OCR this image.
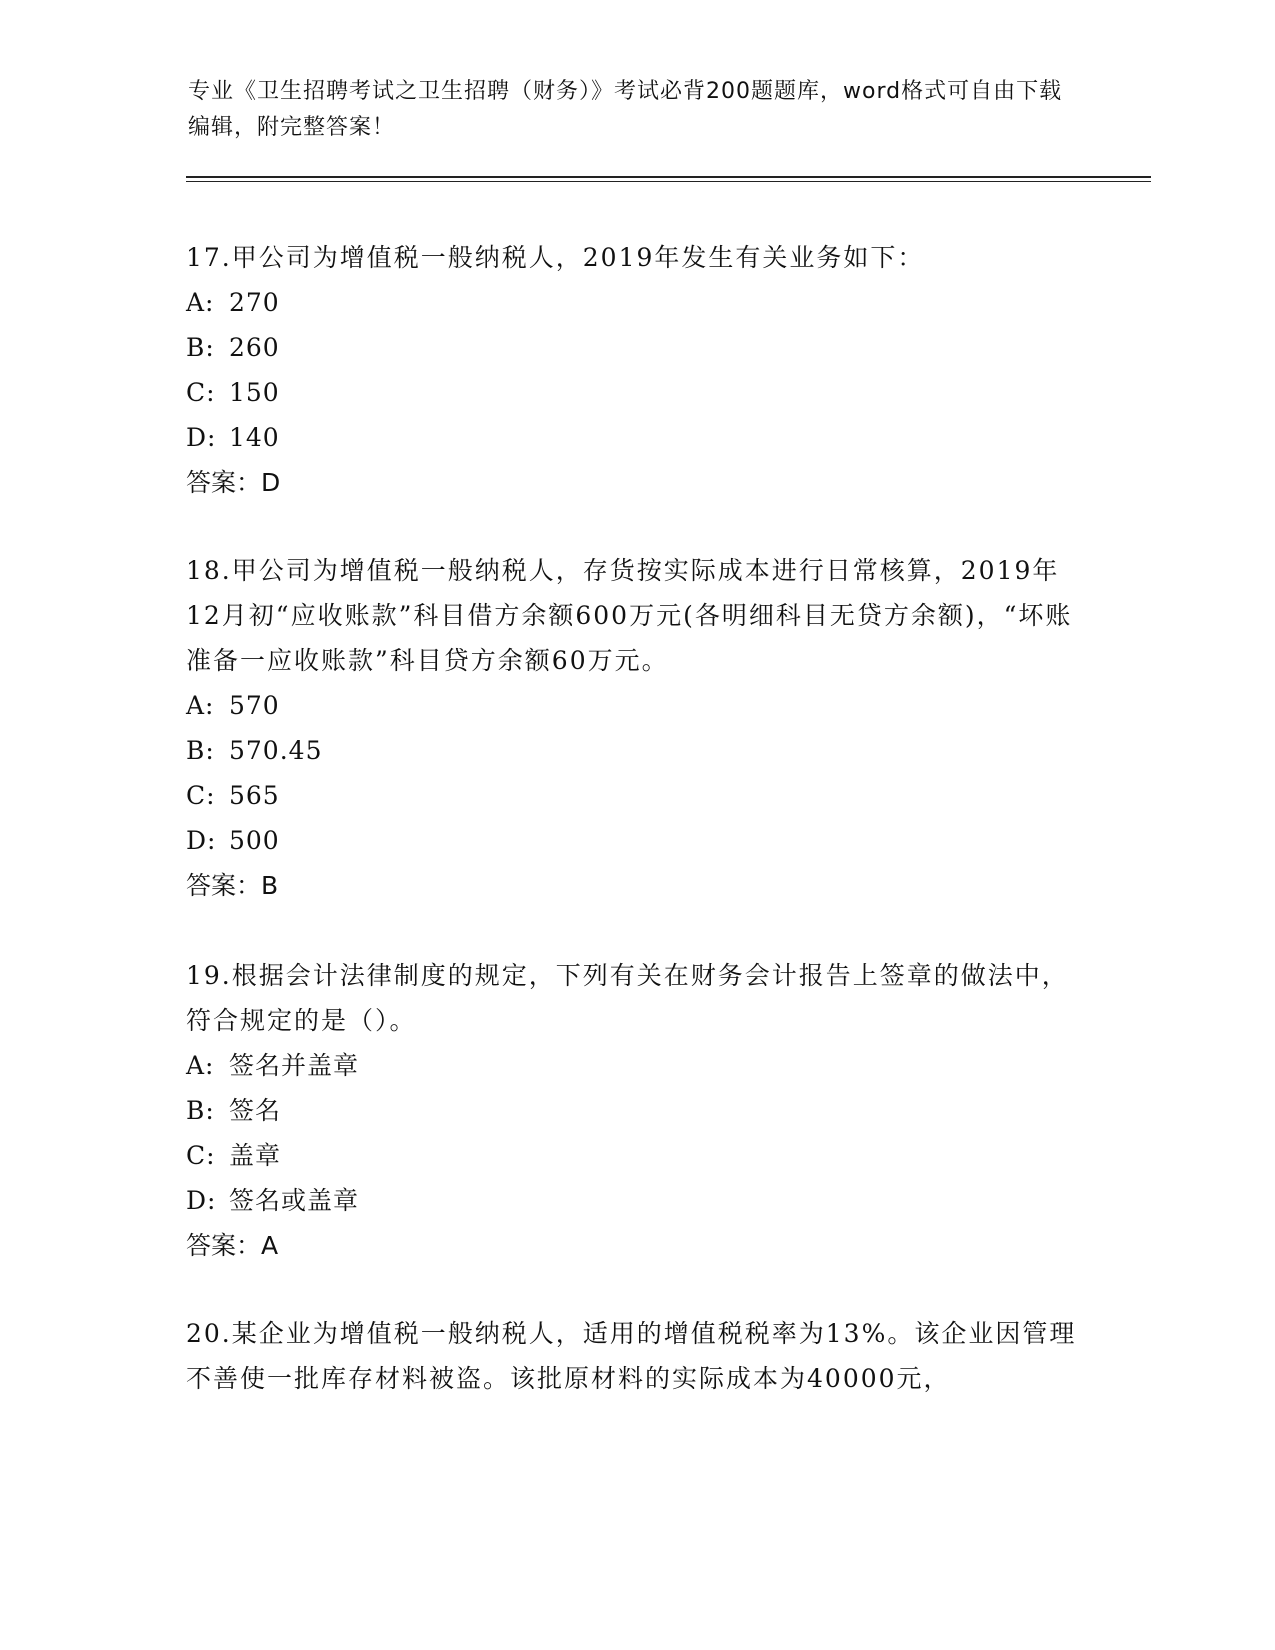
专业《卫生招聘考试之卫生招聘（财务）》考试必背200题题库，word格式可自由下载编辑，附完整答案！

17.甲公司为增值税一般纳税人，2019年发生有关业务如下：

A: 270

B: 260

C: 150

D: 140

答案：D

18.甲公司为增值税一般纳税人，存货按实际成本进行日常核算，2019年12月初“应收账款”科目借方余额600万元(各明细科目无贷方余额)，“坏账准备一应收账款”科目贷方余额60万元。

A: 570

B: 570.45

C: 565

D: 500

答案：B

19.根据会计法律制度的规定，下列有关在财务会计报告上签章的做法中，符合规定的是（）。

A: 签名并盖章

B: 签名

C: 盖章

D: 签名或盖章

答案：A

20.某企业为增值税一般纳税人，适用的增值税税率为13%。该企业因管理不善使一批库存材料被盗。该批原材料的实际成本为40000元，
